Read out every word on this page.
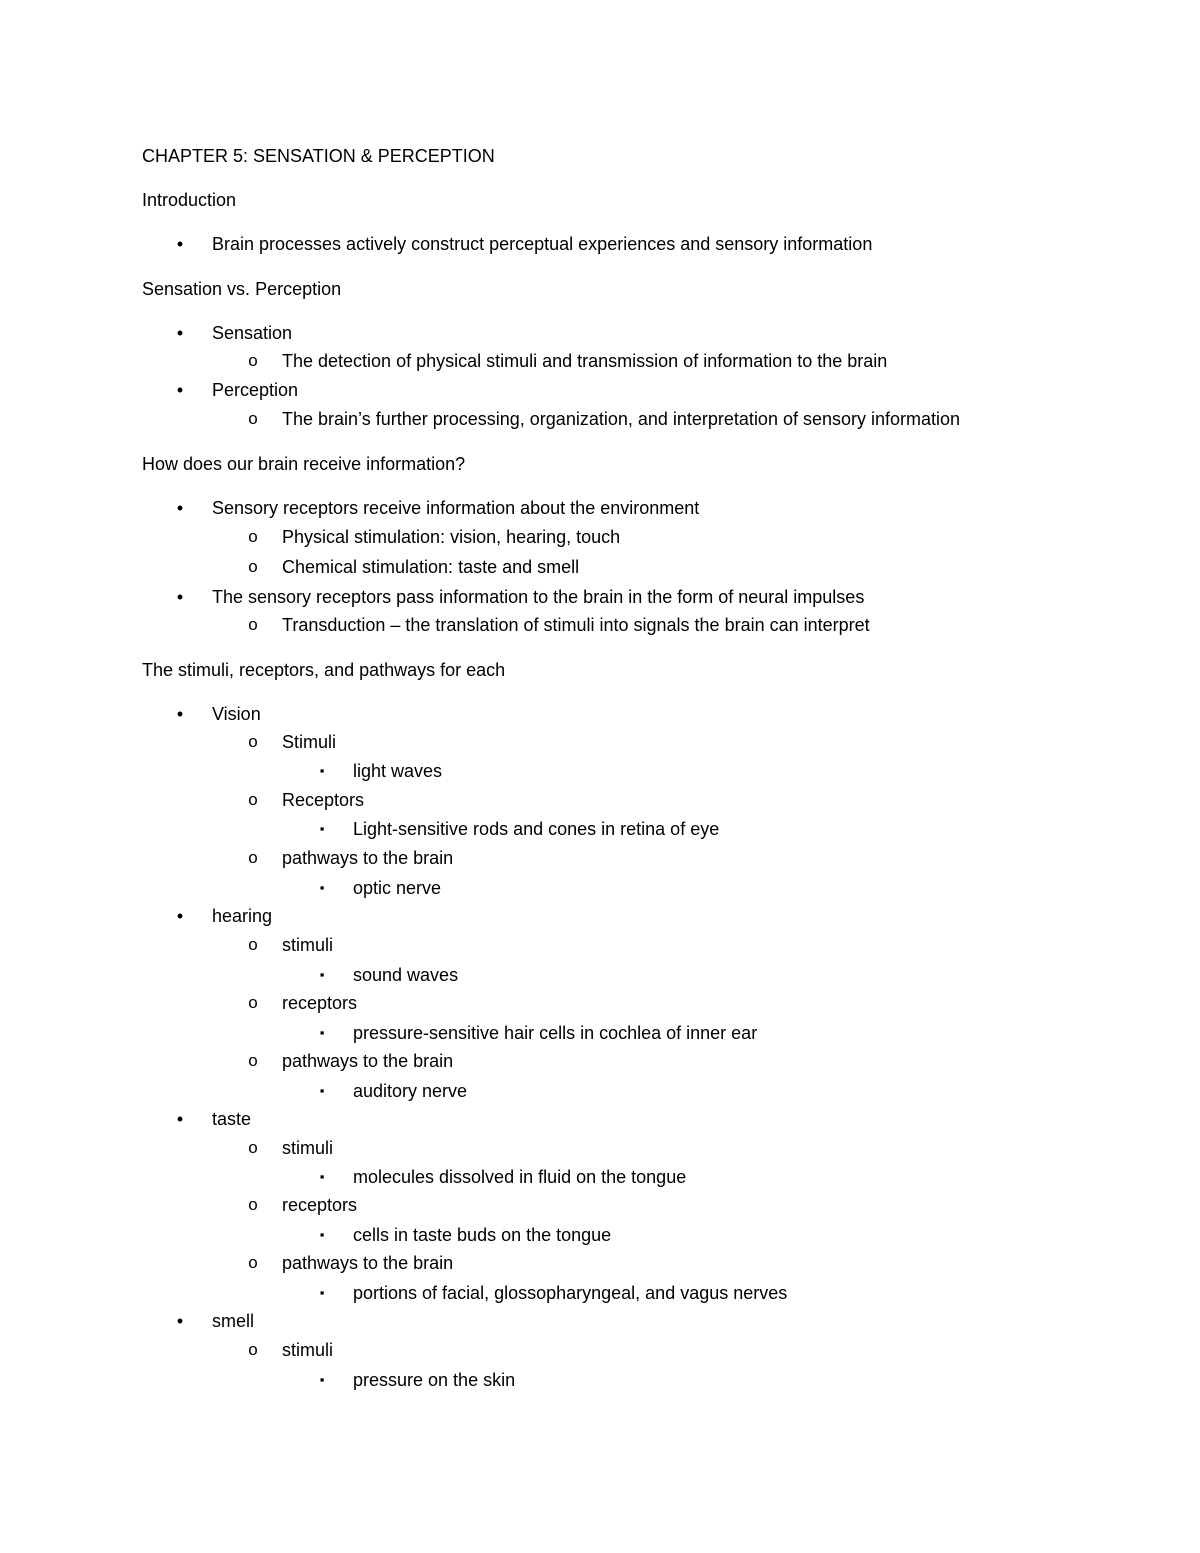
CHAPTER 5: SENSATION & PERCEPTION
Introduction
•	Brain processes actively construct perceptual experiences and sensory information
Sensation vs. Perception
•	Sensation
o The detection of physical stimuli and transmission of information to the brain
•	Perception
o The brain’s further processing, organization, and interpretation of sensory information
How does our brain receive information?
•	Sensory receptors receive information about the environment
o Physical stimulation: vision, hearing, touch
o Chemical stimulation: taste and smell
•	The sensory receptors pass information to the brain in the form of neural impulses
o Transduction – the translation of stimuli into signals the brain can interpret
The stimuli, receptors, and pathways for each
•	Vision
o Stimuli
▪	light waves
o Receptors
▪	Light-sensitive rods and cones in retina of eye
o pathways to the brain
▪	optic nerve
•	hearing
o stimuli
▪	sound waves
o receptors
▪	pressure-sensitive hair cells in cochlea of inner ear
o pathways to the brain
▪	auditory nerve
•	taste
o stimuli
▪	molecules dissolved in fluid on the tongue
o receptors
▪	cells in taste buds on the tongue
o pathways to the brain
▪	portions of facial, glossopharyngeal, and vagus nerves
•	smell
o stimuli
▪	pressure on the skin
